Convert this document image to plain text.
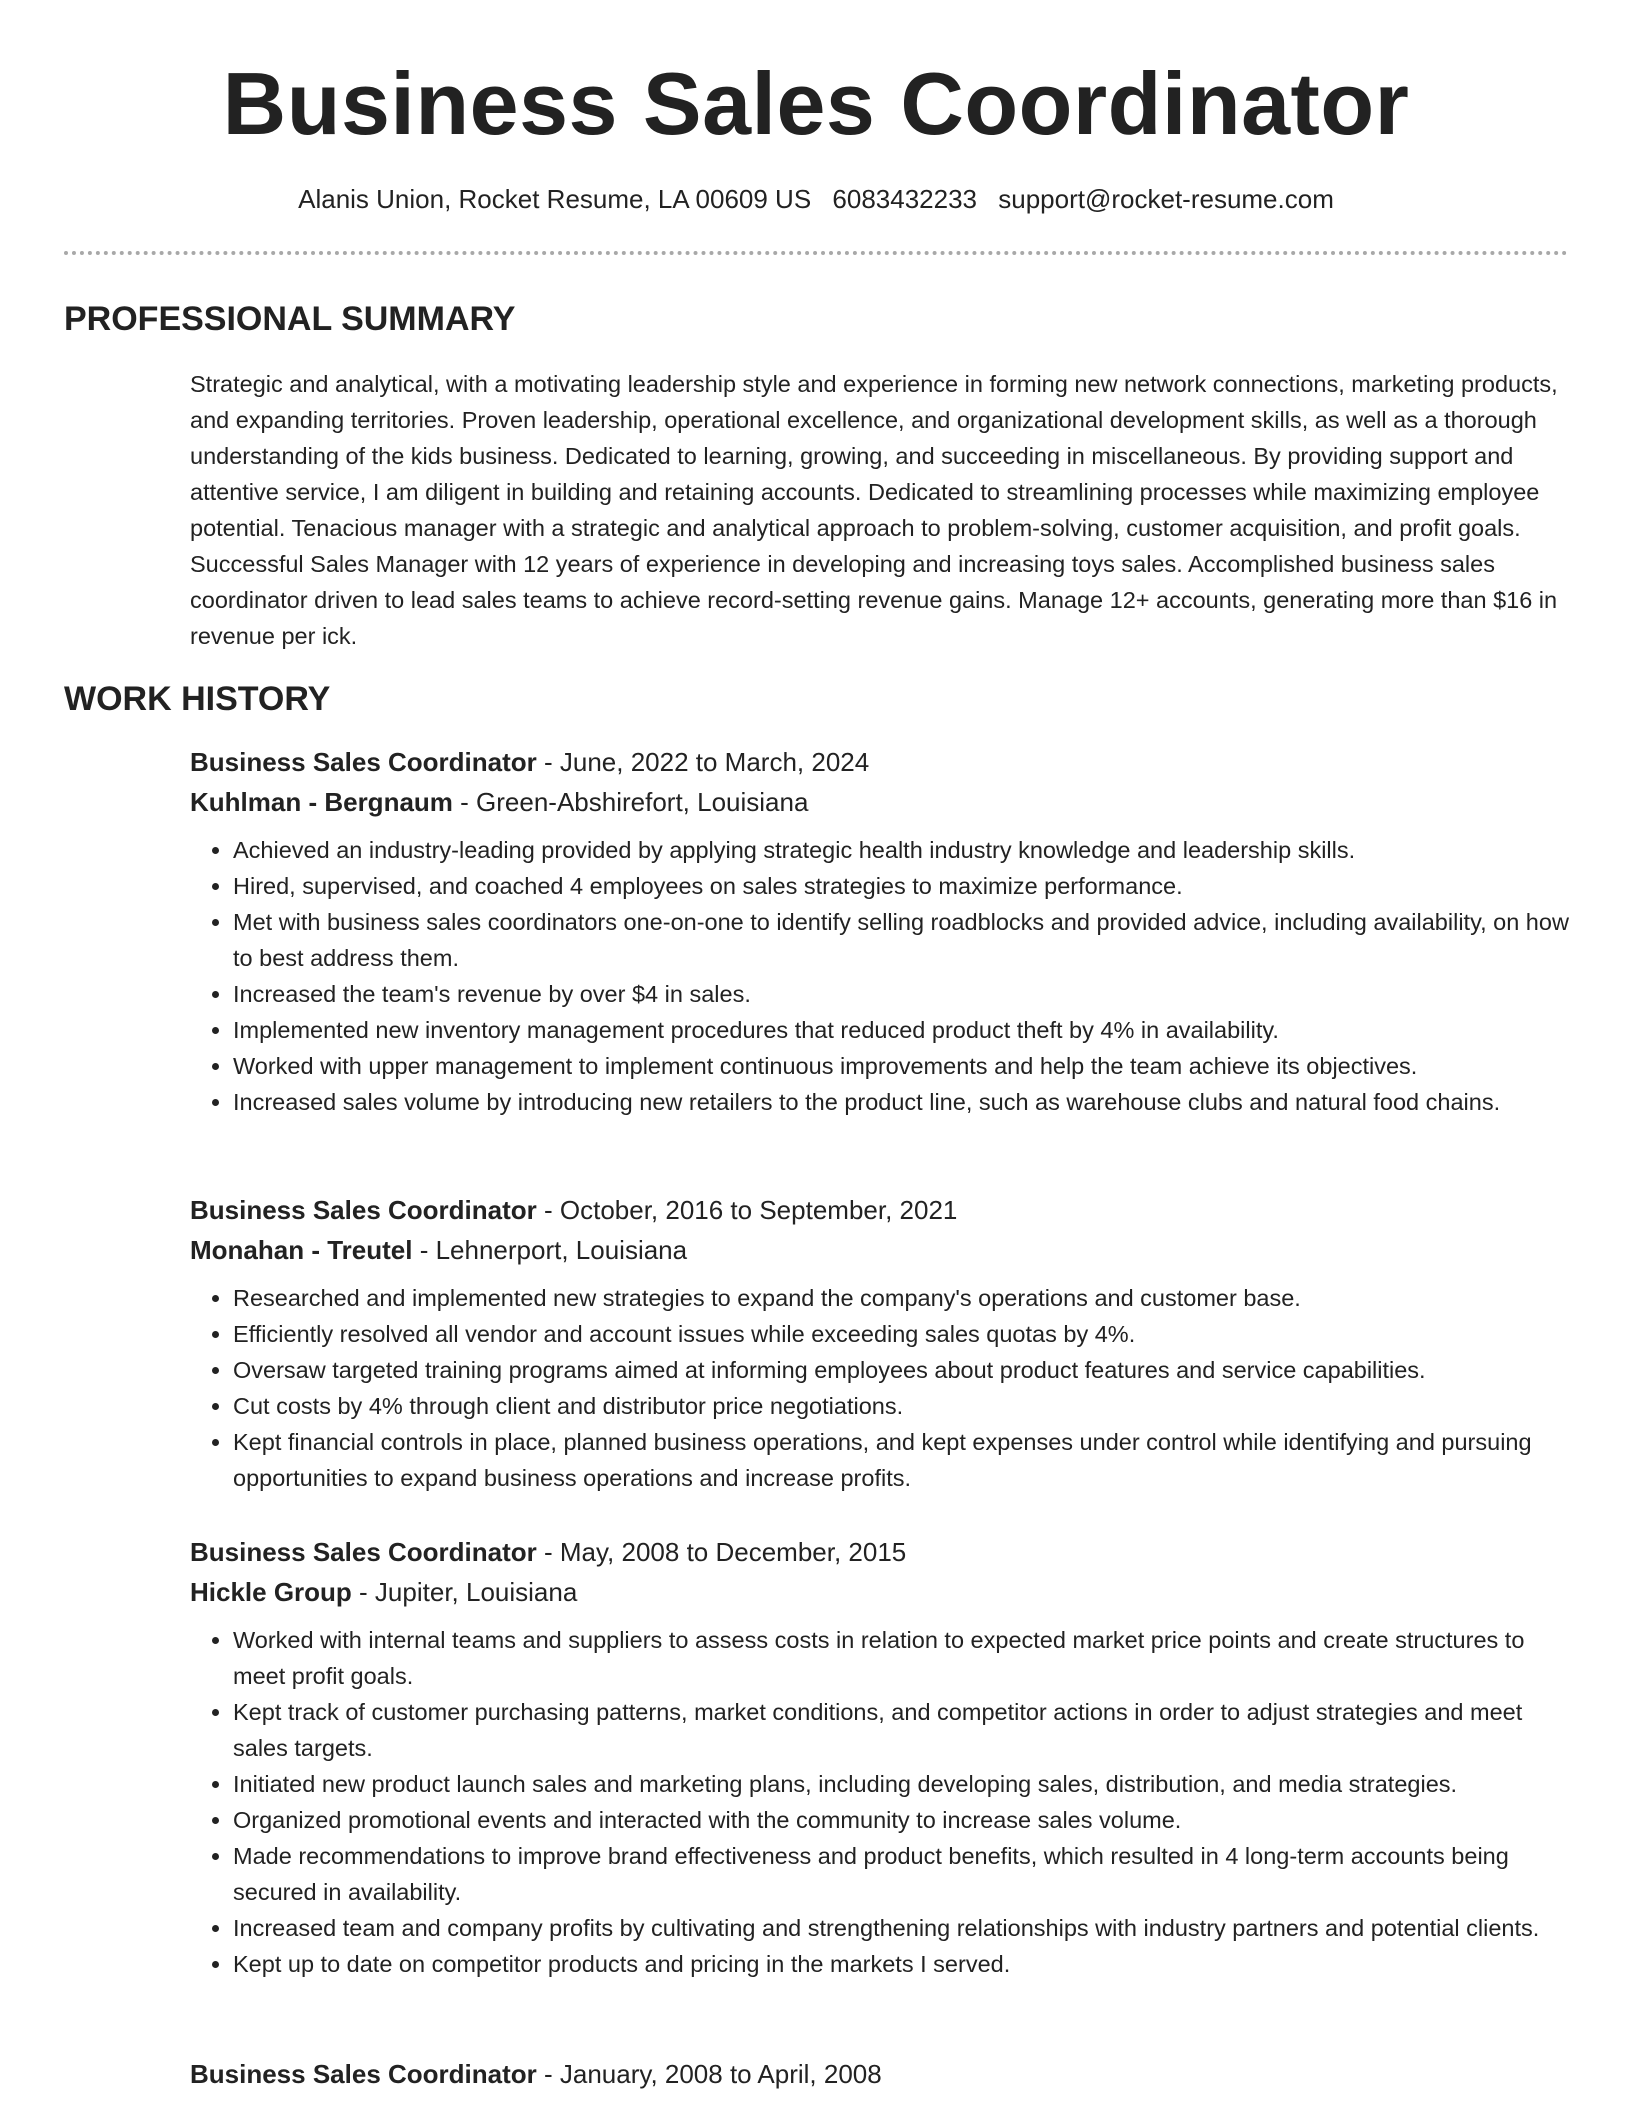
Business Sales Coordinator
Alanis Union, Rocket Resume, LA 00609 US 6083432233 support@rocket-resume.com
PROFESSIONAL SUMMARY

Strategic and analytical, with a motivating leadership style and experience in forming new network connections, marketing products, and expanding territories. Proven leadership, operational excellence, and organizational development skills, as well as a thorough understanding of the kids business. Dedicated to learning, growing, and succeeding in miscellaneous. By providing support and attentive service, I am diligent in building and retaining accounts. Dedicated to streamlining processes while maximizing employee potential. Tenacious manager with a strategic and analytical approach to problem-solving, customer acquisition, and profit goals. Successful Sales Manager with 12 years of experience in developing and increasing toys sales. Accomplished business sales coordinator driven to lead sales teams to achieve record-setting revenue gains. Manage 12+ accounts, generating more than $16 in revenue per ick.

WORK HISTORY
Business Sales Coordinator - June, 2022 to March, 2024
Kuhlman - Bergnaum - Green-Abshirefort, Louisiana
• Achieved an industry-leading provided by applying strategic health industry knowledge and leadership skills.
• Hired, supervised, and coached 4 employees on sales strategies to maximize performance.
• Met with business sales coordinators one-on-one to identify selling roadblocks and provided advice, including availability, on how to best address them.
• Increased the team's revenue by over $4 in sales.
• Implemented new inventory management procedures that reduced product theft by 4% in availability.
• Worked with upper management to implement continuous improvements and help the team achieve its objectives.
• Increased sales volume by introducing new retailers to the product line, such as warehouse clubs and natural food chains.
Business Sales Coordinator - October, 2016 to September, 2021
Monahan - Treutel - Lehnerport, Louisiana
• Researched and implemented new strategies to expand the company's operations and customer base.
• Efficiently resolved all vendor and account issues while exceeding sales quotas by 4%.
• Oversaw targeted training programs aimed at informing employees about product features and service capabilities.
• Cut costs by 4% through client and distributor price negotiations.
• Kept financial controls in place, planned business operations, and kept expenses under control while identifying and pursuing opportunities to expand business operations and increase profits.
Business Sales Coordinator - May, 2008 to December, 2015
Hickle Group - Jupiter, Louisiana
• Worked with internal teams and suppliers to assess costs in relation to expected market price points and create structures to meet profit goals.
• Kept track of customer purchasing patterns, market conditions, and competitor actions in order to adjust strategies and meet sales targets.
• Initiated new product launch sales and marketing plans, including developing sales, distribution, and media strategies.
• Organized promotional events and interacted with the community to increase sales volume.
• Made recommendations to improve brand effectiveness and product benefits, which resulted in 4 long-term accounts being secured in availability.
• Increased team and company profits by cultivating and strengthening relationships with industry partners and potential clients.
• Kept up to date on competitor products and pricing in the markets I served.
Business Sales Coordinator - January, 2008 to April, 2008
